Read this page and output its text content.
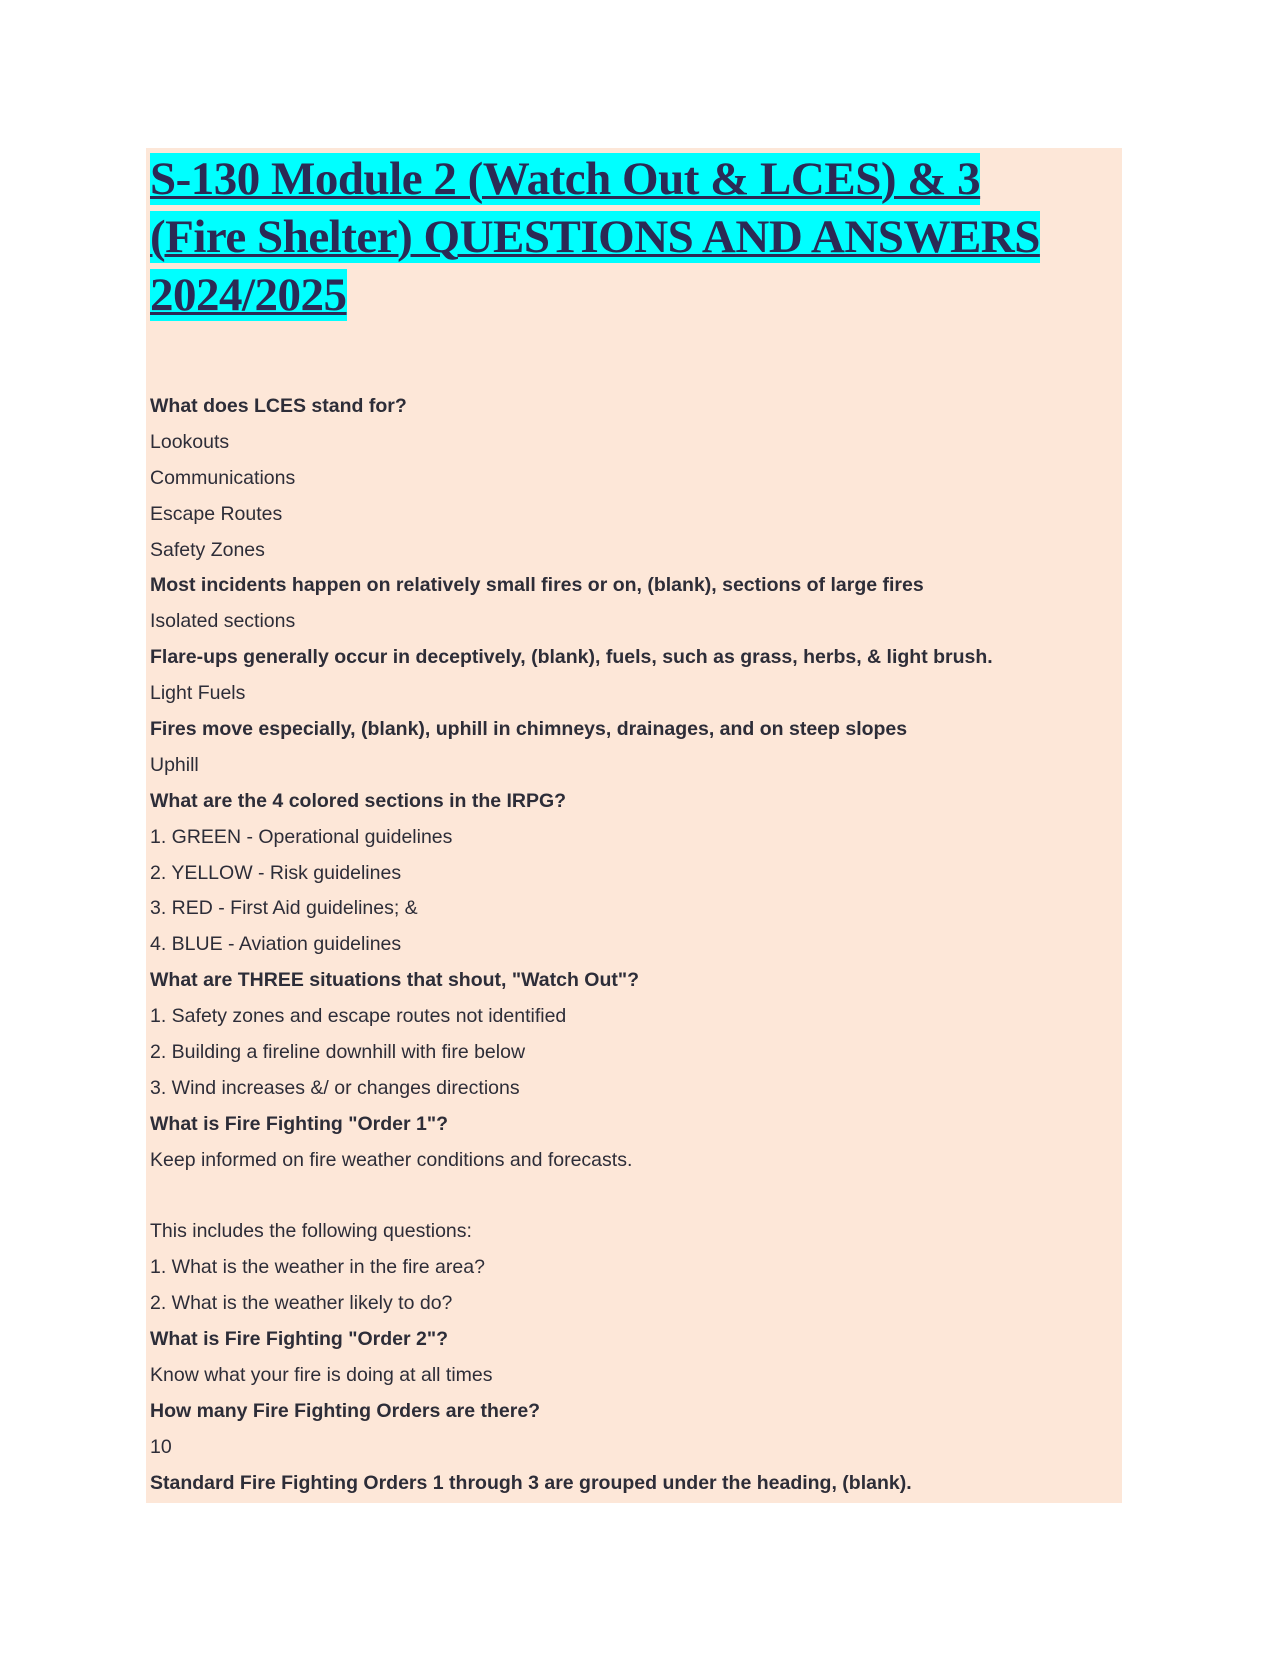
S-130 Module 2 (Watch Out & LCES) & 3
(Fire Shelter) QUESTIONS AND ANSWERS
2024/2025
What does LCES stand for?
Lookouts
Communications
Escape Routes
Safety Zones
Most incidents happen on relatively small fires or on, (blank), sections of large fires
Isolated sections
Flare-ups generally occur in deceptively, (blank), fuels, such as grass, herbs, & light brush.
Light Fuels
Fires move especially, (blank), uphill in chimneys, drainages, and on steep slopes
Uphill
What are the 4 colored sections in the IRPG?
1. GREEN - Operational guidelines
2. YELLOW - Risk guidelines
3. RED - First Aid guidelines; &
4. BLUE - Aviation guidelines
What are THREE situations that shout, "Watch Out"?
1. Safety zones and escape routes not identified
2. Building a fireline downhill with fire below
3. Wind increases &/ or changes directions
What is Fire Fighting "Order 1"?
Keep informed on fire weather conditions and forecasts.
This includes the following questions:
1. What is the weather in the fire area?
2. What is the weather likely to do?
What is Fire Fighting "Order 2"?
Know what your fire is doing at all times
How many Fire Fighting Orders are there?
10
Standard Fire Fighting Orders 1 through 3 are grouped under the heading, (blank).
